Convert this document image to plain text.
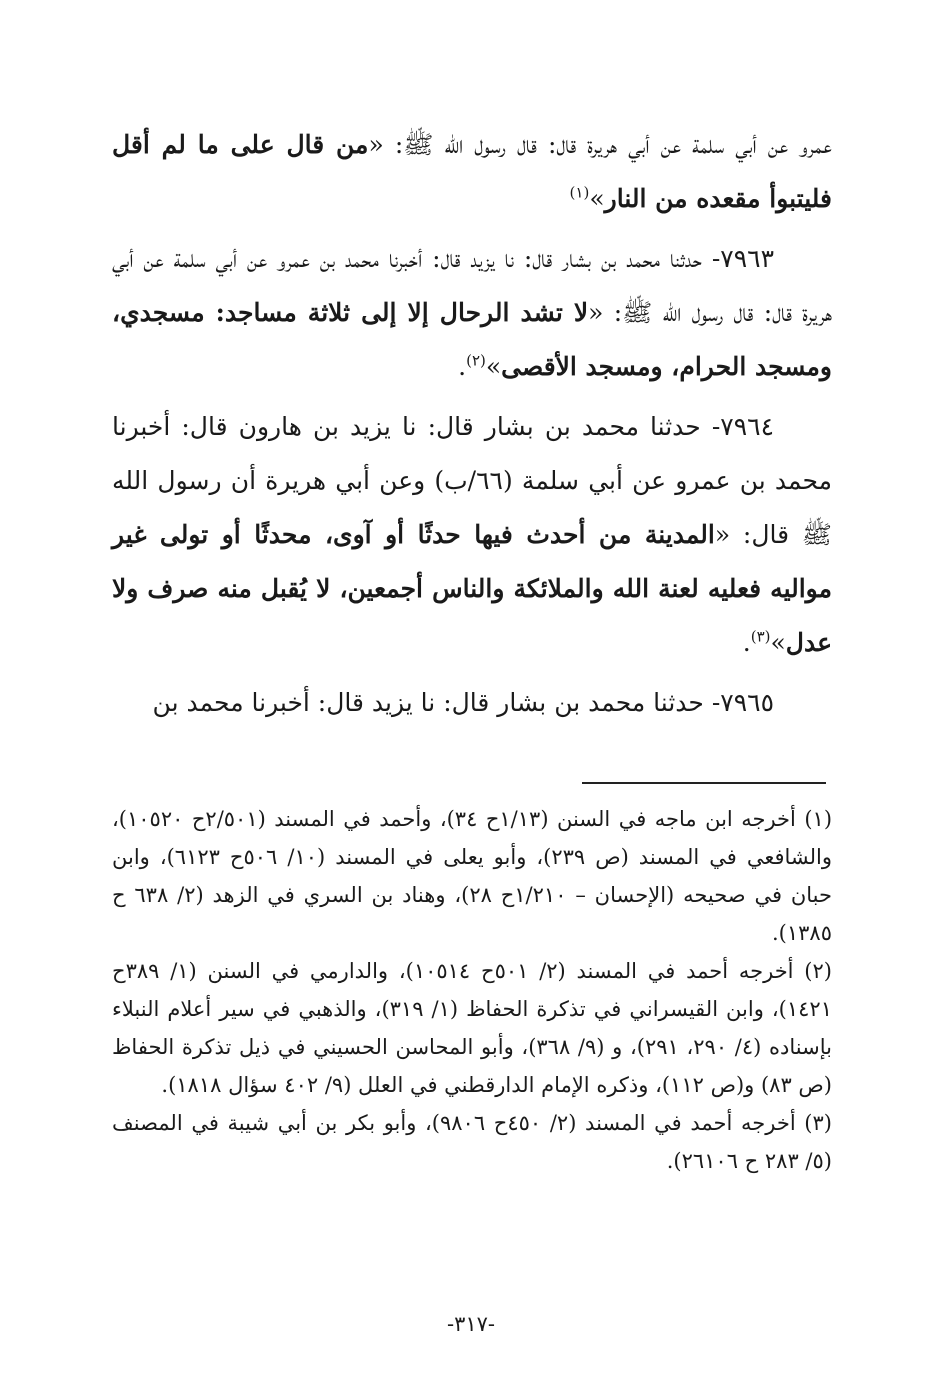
عمرو عن أبي سلمة عن أبي هريرة قال: قال رسول الله ﷺ: «من قال على ما لم أقل فليتبوأ مقعده من النار»$^{(١)}$

٧٩٦٣- حدثنا محمد بن بشار قال: نا يزيد قال: أخبرنا محمد بن عمرو عن أبي سلمة عن أبي هريرة قال: قال رسول الله ﷺ: «لا تشد الرحال إلا إلى ثلاثة مساجد: مسجدي، ومسجد الحرام، ومسجد الأقصى»$^{(٢)}$.

٧٩٦٤- حدثنا محمد بن بشار قال: نا يزيد بن هارون قال: أخبرنا محمد بن عمرو عن أبي سلمة (٦٦/ب) وعن أبي هريرة أن رسول الله ﷺ قال: «المدينة من أحدث فيها حدثًا أو آوى، محدثًا أو تولى غير مواليه فعليه لعنة الله والملائكة والناس أجمعين، لا يُقبل منه صرف ولا عدل»$^{(٣)}$.

٧٩٦٥- حدثنا محمد بن بشار قال: نا يزيد قال: أخبرنا محمد بن

(١) أخرجه ابن ماجه في السنن (١/١٣ح ٣٤)، وأحمد في المسند (٢/٥٠١ح ١٠٥٢٠)، والشافعي في المسند (ص ٢٣٩)، وأبو يعلى في المسند (١٠/ ٥٠٦ح ٦١٢٣)، وابن حبان في صحيحه (الإحسان – ١/٢١٠ح ٢٨)، وهناد بن السري في الزهد (٢/ ٦٣٨ ح ١٣٨٥).

(٢) أخرجه أحمد في المسند (٢/ ٥٠١ح ١٠٥١٤)، والدارمي في السنن (١/ ٣٨٩ح ١٤٢١)، وابن القيسراني في تذكرة الحفاظ (١/ ٣١٩)، والذهبي في سير أعلام النبلاء بإسناده (٤/ ٢٩٠، ٢٩١)، و (٩/ ٣٦٨)، وأبو المحاسن الحسيني في ذيل تذكرة الحفاظ (ص ٨٣) و(ص ١١٢)، وذكره الإمام الدارقطني في العلل (٩/ ٤٠٢ سؤال ١٨١٨).

(٣) أخرجه أحمد في المسند (٢/ ٤٥٠ح ٩٨٠٦)، وأبو بكر بن أبي شيبة في المصنف (٥/ ٢٨٣ ح ٢٦١٠٦).

-٣١٧-
